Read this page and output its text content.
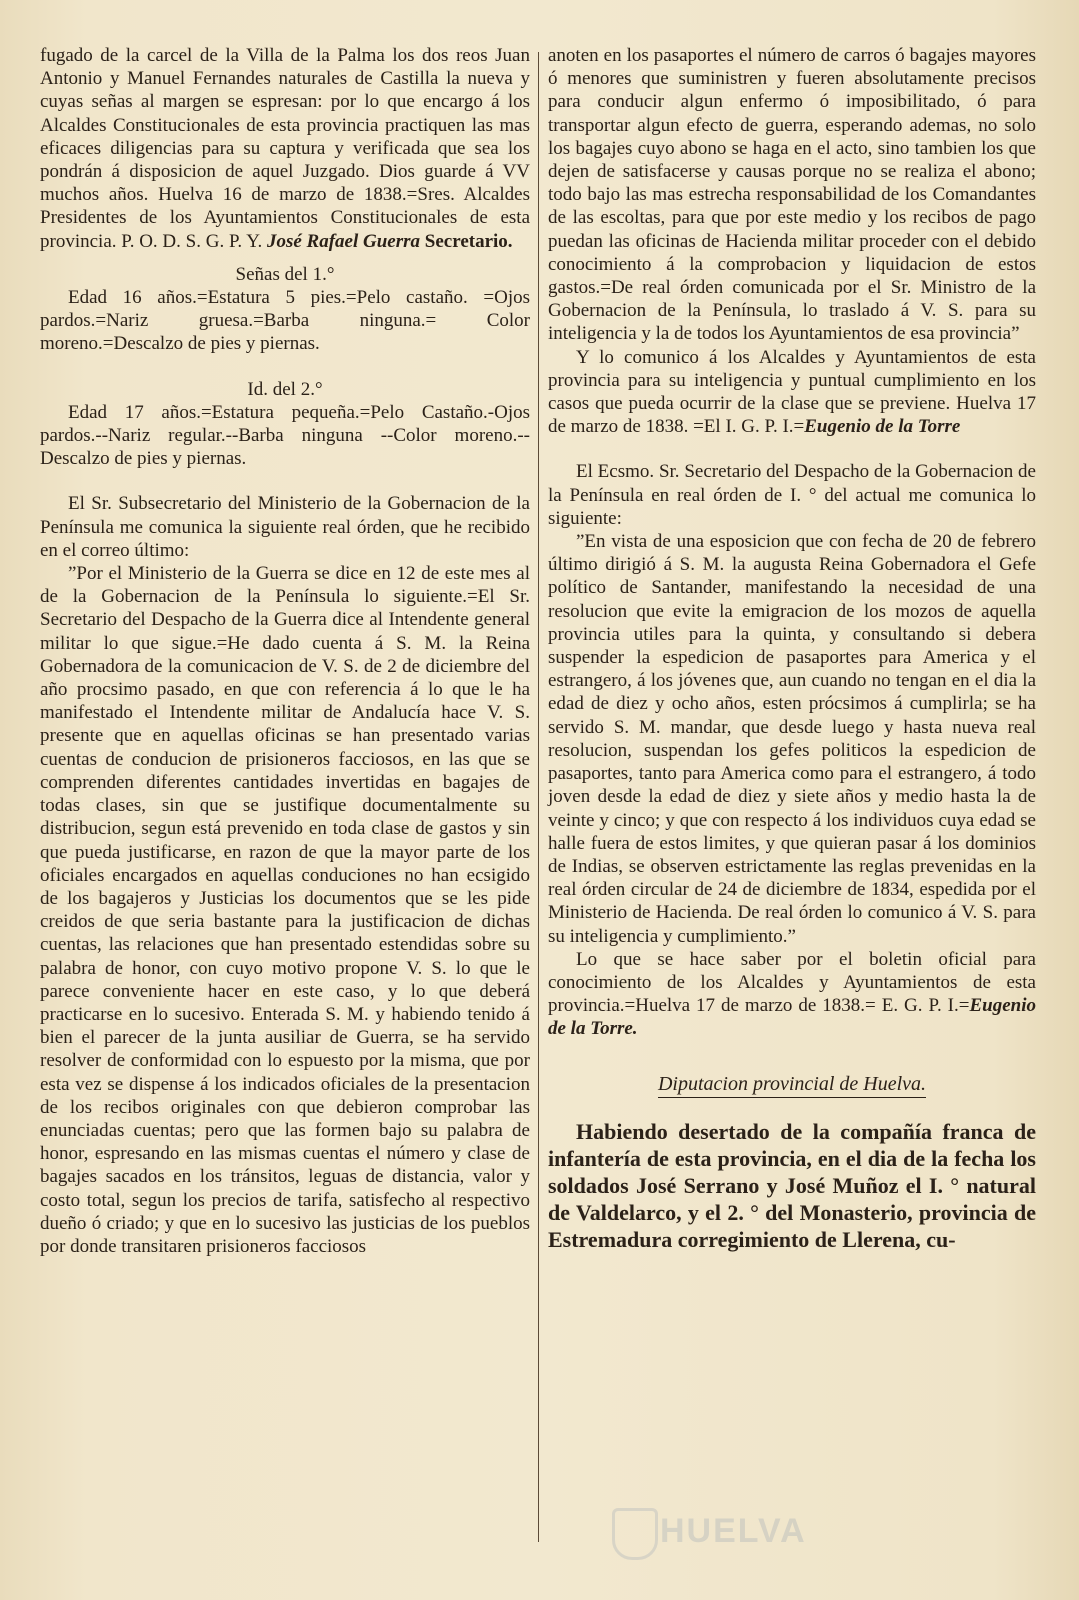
fugado de la carcel de la Villa de la Palma los dos reos Juan Antonio y Manuel Fernandes naturales de Castilla la nueva y cuyas señas al margen se espresan: por lo que encargo á los Alcaldes Constitucionales de esta provincia practiquen las mas eficaces diligencias para su captura y verificada que sea los pondrán á disposicion de aquel Juzgado. Dios guarde á VV muchos años. Huelva 16 de marzo de 1838.=Sres. Alcaldes Presidentes de los Ayuntamientos Constitucionales de esta provincia. P. O. D. S. G. P. Y. José Rafael Guerra Secretario.

Señas del 1.°

Edad 16 años.=Estatura 5 pies.=Pelo castaño. =Ojos pardos.=Nariz gruesa.=Barba ninguna.= Color moreno.=Descalzo de pies y piernas.

Id. del 2.°

Edad 17 años.=Estatura pequeña.=Pelo Castaño.-Ojos pardos.--Nariz regular.--Barba ninguna --Color moreno.--Descalzo de pies y piernas.

El Sr. Subsecretario del Ministerio de la Gobernacion de la Península me comunica la siguiente real órden, que he recibido en el correo último:

”Por el Ministerio de la Guerra se dice en 12 de este mes al de la Gobernacion de la Península lo siguiente.=El Sr. Secretario del Despacho de la Guerra dice al Intendente general militar lo que sigue.=He dado cuenta á S. M. la Reina Gobernadora de la comunicacion de V. S. de 2 de diciembre del año procsimo pasado, en que con referencia á lo que le ha manifestado el Intendente militar de Andalucía hace V. S. presente que en aquellas oficinas se han presentado varias cuentas de conducion de prisioneros facciosos, en las que se comprenden diferentes cantidades invertidas en bagajes de todas clases, sin que se justifique documentalmente su distribucion, segun está prevenido en toda clase de gastos y sin que pueda justificarse, en razon de que la mayor parte de los oficiales encargados en aquellas conduciones no han ecsigido de los bagajeros y Justicias los documentos que se les pide creidos de que seria bastante para la justificacion de dichas cuentas, las relaciones que han presentado estendidas sobre su palabra de honor, con cuyo motivo propone V. S. lo que le parece conveniente hacer en este caso, y lo que deberá practicarse en lo sucesivo. Enterada S. M. y habiendo tenido á bien el parecer de la junta ausiliar de Guerra, se ha servido resolver de conformidad con lo espuesto por la misma, que por esta vez se dispense á los indicados oficiales de la presentacion de los recibos originales con que debieron comprobar las enunciadas cuentas; pero que las formen bajo su palabra de honor, espresando en las mismas cuentas el número y clase de bagajes sacados en los tránsitos, leguas de distancia, valor y costo total, segun los precios de tarifa, satisfecho al respectivo dueño ó criado; y que en lo sucesivo las justicias de los pueblos por donde transitaren prisioneros facciosos

anoten en los pasaportes el número de carros ó bagajes mayores ó menores que suministren y fueren absolutamente precisos para conducir algun enfermo ó imposibilitado, ó para transportar algun efecto de guerra, esperando ademas, no solo los bagajes cuyo abono se haga en el acto, sino tambien los que dejen de satisfacerse y causas porque no se realiza el abono; todo bajo las mas estrecha responsabilidad de los Comandantes de las escoltas, para que por este medio y los recibos de pago puedan las oficinas de Hacienda militar proceder con el debido conocimiento á la comprobacion y liquidacion de estos gastos.=De real órden comunicada por el Sr. Ministro de la Gobernacion de la Península, lo traslado á V. S. para su inteligencia y la de todos los Ayuntamientos de esa provincia”

Y lo comunico á los Alcaldes y Ayuntamientos de esta provincia para su inteligencia y puntual cumplimiento en los casos que pueda ocurrir de la clase que se previene. Huelva 17 de marzo de 1838. =El I. G. P. I.=Eugenio de la Torre

El Ecsmo. Sr. Secretario del Despacho de la Gobernacion de la Península en real órden de I. ° del actual me comunica lo siguiente:

”En vista de una esposicion que con fecha de 20 de febrero último dirigió á S. M. la augusta Reina Gobernadora el Gefe político de Santander, manifestando la necesidad de una resolucion que evite la emigracion de los mozos de aquella provincia utiles para la quinta, y consultando si debera suspender la espedicion de pasaportes para America y el estrangero, á los jóvenes que, aun cuando no tengan en el dia la edad de diez y ocho años, esten prócsimos á cumplirla; se ha servido S. M. mandar, que desde luego y hasta nueva real resolucion, suspendan los gefes politicos la espedicion de pasaportes, tanto para America como para el estrangero, á todo joven desde la edad de diez y siete años y medio hasta la de veinte y cinco; y que con respecto á los individuos cuya edad se halle fuera de estos limites, y que quieran pasar á los dominios de Indias, se observen estrictamente las reglas prevenidas en la real órden circular de 24 de diciembre de 1834, espedida por el Ministerio de Hacienda. De real órden lo comunico á V. S. para su inteligencia y cumplimiento.”

Lo que se hace saber por el boletin oficial para conocimiento de los Alcaldes y Ayuntamientos de esta provincia.=Huelva 17 de marzo de 1838.= E. G. P. I.=Eugenio de la Torre.

Diputacion provincial de Huelva.

Habiendo desertado de la compañía franca de infantería de esta provincia, en el dia de la fecha los soldados José Serrano y José Muñoz el I. ° natural de Valdelarco, y el 2. ° del Monasterio, provincia de Estremadura corregimiento de Llerena, cu-

HUELVA
